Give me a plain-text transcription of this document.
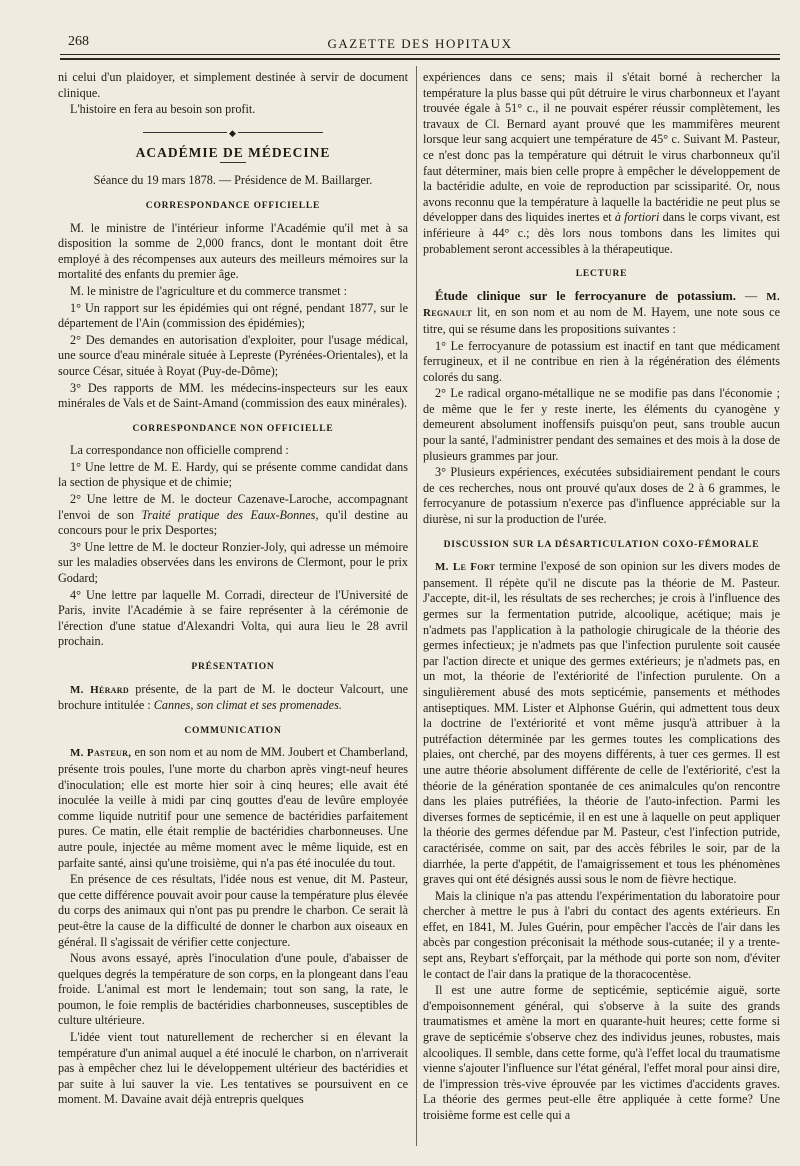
268	GAZETTE DES HOPITAUX

ni celui d'un plaidoyer, et simplement destinée à servir de document clinique.

L'histoire en fera au besoin son profit.

◆
ACADÉMIE DE MÉDECINE
Séance du 19 mars 1878. — Présidence de M. Baillarger.
CORRESPONDANCE OFFICIELLE

M. le ministre de l'intérieur informe l'Académie qu'il met à sa disposition la somme de 2,000 francs, dont le montant doit être employé à des récompenses aux auteurs des meilleurs mémoires sur la mortalité des enfants du premier âge.

M. le ministre de l'agriculture et du commerce transmet :

1° Un rapport sur les épidémies qui ont régné, pendant 1877, sur le département de l'Ain (commission des épidémies);

2° Des demandes en autorisation d'exploiter, pour l'usage médical, une source d'eau minérale située à Lepreste (Pyrénées-Orientales), et la source César, située à Royat (Puy-de-Dôme);

3° Des rapports de MM. les médecins-inspecteurs sur les eaux minérales de Vals et de Saint-Amand (commission des eaux minérales).

CORRESPONDANCE NON OFFICIELLE

La correspondance non officielle comprend :

1° Une lettre de M. E. Hardy, qui se présente comme candidat dans la section de physique et de chimie;

2° Une lettre de M. le docteur Cazenave-Laroche, accompagnant l'envoi de son Traité pratique des Eaux-Bonnes, qu'il destine au concours pour le prix Desportes;

3° Une lettre de M. le docteur Ronzier-Joly, qui adresse un mémoire sur les maladies observées dans les environs de Clermont, pour le prix Godard;

4° Une lettre par laquelle M. Corradi, directeur de l'Université de Paris, invite l'Académie à se faire représenter à la cérémonie de l'érection d'une statue d'Alexandri Volta, qui aura lieu le 28 avril prochain.

PRÉSENTATION

M. Hérard présente, de la part de M. le docteur Valcourt, une brochure intitulée : Cannes, son climat et ses promenades.

COMMUNICATION

M. Pasteur, en son nom et au nom de MM. Joubert et Chamberland, présente trois poules, l'une morte du charbon après vingt-neuf heures d'inoculation; elle est morte hier soir à cinq heures; elle avait été inoculée la veille à midi par cinq gouttes d'eau de levûre employée comme liquide nutritif pour une semence de bactéridies parfaitement pures. Ce matin, elle était remplie de bactéridies charbonneuses. Une autre poule, injectée au même moment avec le même liquide, est en parfaite santé, ainsi qu'une troisième, qui n'a pas été inoculée du tout.

En présence de ces résultats, l'idée nous est venue, dit M. Pasteur, que cette différence pouvait avoir pour cause la température plus élevée du corps des animaux qui n'ont pas pu prendre le charbon. Ce serait là peut-être la cause de la difficulté de donner le charbon aux oiseaux en général. Il s'agissait de vérifier cette conjecture.

Nous avons essayé, après l'inoculation d'une poule, d'abaisser de quelques degrés la température de son corps, en la plongeant dans l'eau froide. L'animal est mort le lendemain; tout son sang, la rate, le poumon, le foie remplis de bactéridies charbonneuses, susceptibles de culture ultérieure.

L'idée vient tout naturellement de rechercher si en élevant la température d'un animal auquel a été inoculé le charbon, on n'arriverait pas à empêcher chez lui le développement ultérieur des bactéridies et par suite à lui sauver la vie. Les tentatives se poursuivent en ce moment. M. Davaine avait déjà entrepris quelques

expériences dans ce sens; mais il s'était borné à rechercher la température la plus basse qui pût détruire le virus charbonneux et l'ayant trouvée égale à 51° c., il ne pouvait espérer réussir complètement, les travaux de Cl. Bernard ayant prouvé que les mammifères meurent lorsque leur sang acquiert une température de 45° c. Suivant M. Pasteur, ce n'est donc pas la température qui détruit le virus charbonneux qu'il faut déterminer, mais bien celle propre à empêcher le développement de la bactéridie adulte, en voie de reproduction par scissiparité. Or, nous avons reconnu que la température à laquelle la bactéridie ne peut plus se développer dans des liquides inertes et à fortiori dans le corps vivant, est inférieure à 44° c.; dès lors nous tombons dans les limites qui probablement seront accessibles à la thérapeutique.

LECTURE

Étude clinique sur le ferrocyanure de potassium. — M. Regnault lit, en son nom et au nom de M. Hayem, une note sous ce titre, qui se résume dans les propositions suivantes :

1° Le ferrocyanure de potassium est inactif en tant que médicament ferrugineux, et il ne contribue en rien à la régénération des éléments colorés du sang.

2° Le radical organo-métallique ne se modifie pas dans l'économie ; de même que le fer y reste inerte, les éléments du cyanogène y demeurent absolument inoffensifs puisqu'on peut, sans trouble aucun pour la santé, l'administrer pendant des semaines et des mois à la dose de plusieurs grammes par jour.

3° Plusieurs expériences, exécutées subsidiairement pendant le cours de ces recherches, nous ont prouvé qu'aux doses de 2 à 6 grammes, le ferrocyanure de potassium n'exerce pas d'influence appréciable sur la diurèse, ni sur la production de l'urée.

DISCUSSION SUR LA DÉSARTICULATION COXO-FÉMORALE

M. Le Fort termine l'exposé de son opinion sur les divers modes de pansement. Il répète qu'il ne discute pas la théorie de M. Pasteur. J'accepte, dit-il, les résultats de ses recherches; je crois à l'influence des germes sur la fermentation putride, alcoolique, acétique; mais je n'admets pas l'application à la pathologie chirugicale de la théorie des germes infectieux; je n'admets pas que l'infection purulente soit causée par l'action directe et unique des germes extérieurs; je n'admets pas, en un mot, la théorie de l'extériorité de l'infection purulente. On a singulièrement abusé des mots septicémie, pansements et méthodes antiseptiques. MM. Lister et Alphonse Guérin, qui admettent tous deux la doctrine de l'extériorité et vont même jusqu'à attribuer à la putréfaction déterminée par les germes toutes les complications des plaies, ont cherché, par des moyens différents, à tuer ces germes. Il est une autre théorie absolument différente de celle de l'extériorité, c'est la théorie de la génération spontanée de ces animalcules qu'on rencontre dans les plaies putréfiées, la théorie de l'auto-infection. Parmi les diverses formes de septicémie, il en est une à laquelle on peut appliquer la théorie des germes défendue par M. Pasteur, c'est l'infection putride, caractérisée, comme on sait, par des accès fébriles le soir, par de la diarrhée, la perte d'appétit, de l'amaigrissement et tous les phénomènes graves qui ont été désignés aussi sous le nom de fièvre hectique.

Mais la clinique n'a pas attendu l'expérimentation du laboratoire pour chercher à mettre le pus à l'abri du contact des agents extérieurs. En effet, en 1841, M. Jules Guérin, pour empêcher l'accès de l'air dans les abcès par congestion préconisait la méthode sous-cutanée; il y a trente-sept ans, Reybart s'efforçait, par la méthode qui porte son nom, d'éviter le contact de l'air dans la pratique de la thoracocentèse.

Il est une autre forme de septicémie, septicémie aiguë, sorte d'empoisonnement général, qui s'observe à la suite des grands traumatismes et amène la mort en quarante-huit heures; cette forme si grave de septicémie s'observe chez des individus jeunes, robustes, mais alcooliques. Il semble, dans cette forme, qu'à l'effet local du traumatisme vienne s'ajouter l'influence sur l'état général, l'effet moral pour ainsi dire, de l'impression très-vive éprouvée par les victimes d'accidents graves. La théorie des germes peut-elle être appliquée à cette forme? Une troisième forme est celle qui a
